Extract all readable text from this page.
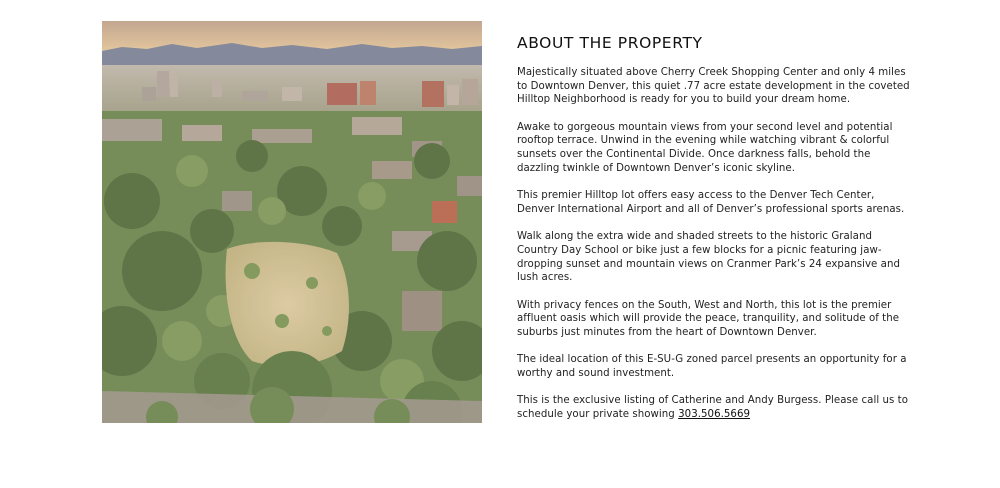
ABOUT THE PROPERTY

Majestically situated above Cherry Creek Shopping Center and only 4 miles to Downtown Denver, this quiet .77 acre estate development in the coveted Hilltop Neighborhood is ready for you to build your dream home.

Awake to gorgeous mountain views from your second level and potential rooftop terrace. Unwind in the evening while watching vibrant & colorful sunsets over the Continental Divide. Once darkness falls, behold the dazzling twinkle of Downtown Denver’s iconic skyline.

This premier Hilltop lot offers easy access to the Denver Tech Center, Denver International Airport and all of Denver’s professional sports arenas.

Walk along the extra wide and shaded streets to the historic Graland Country Day School or bike just a few blocks for a picnic featuring jaw-dropping sunset and mountain views on Cranmer Park’s 24 expansive and lush acres.

With privacy fences on the South, West and North, this lot is the premier affluent oasis which will provide the peace, tranquility, and solitude of the suburbs just minutes from the heart of Downtown Denver.

The ideal location of this E-SU-G zoned parcel presents an opportunity for a worthy and sound investment.

This is the exclusive listing of Catherine and Andy Burgess. Please call us to schedule your private showing 303.506.5669
